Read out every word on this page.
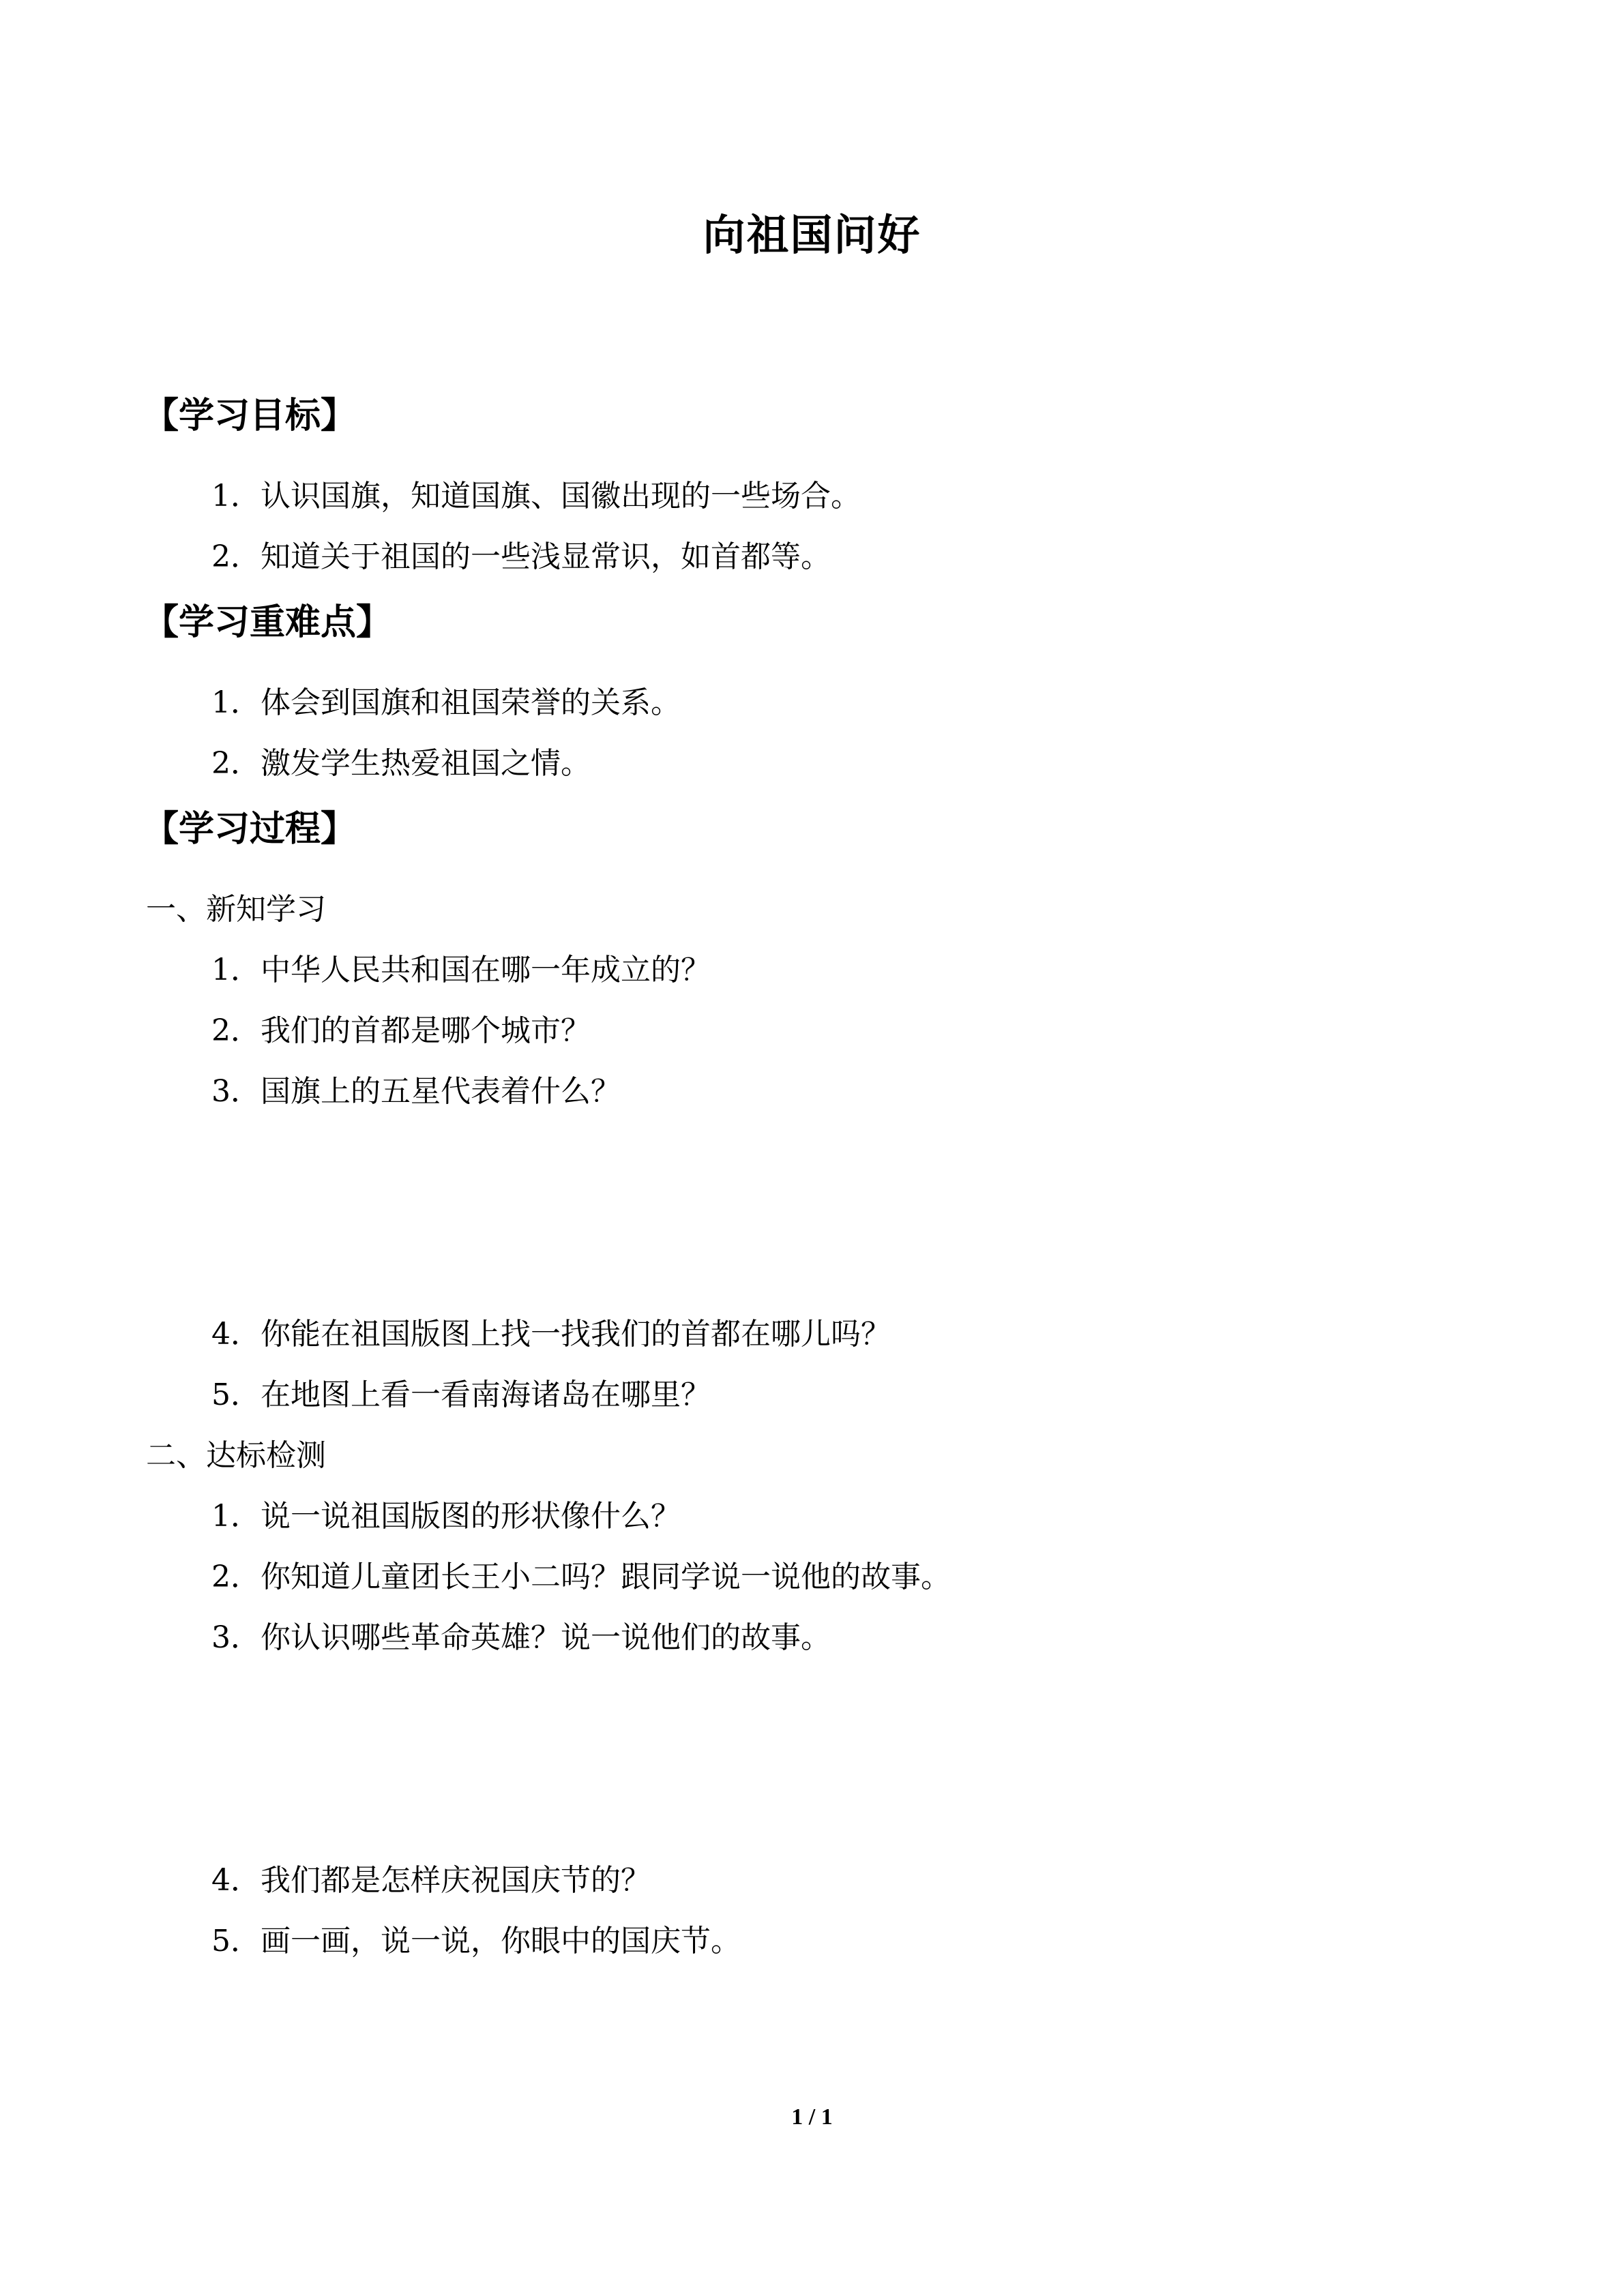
向祖国问好
【学习目标】
1．认识国旗，知道国旗、国徽出现的一些场合。
2．知道关于祖国的一些浅显常识，如首都等。
【学习重难点】
1．体会到国旗和祖国荣誉的关系。
2．激发学生热爱祖国之情。
【学习过程】
一、新知学习
1．中华人民共和国在哪一年成立的？
2．我们的首都是哪个城市？
3．国旗上的五星代表着什么？
4．你能在祖国版图上找一找我们的首都在哪儿吗？
5．在地图上看一看南海诸岛在哪里？
二、达标检测
1．说一说祖国版图的形状像什么？
2．你知道儿童团长王小二吗？跟同学说一说他的故事。
3．你认识哪些革命英雄？说一说他们的故事。
4．我们都是怎样庆祝国庆节的？
5．画一画，说一说，你眼中的国庆节。
1 / 1
